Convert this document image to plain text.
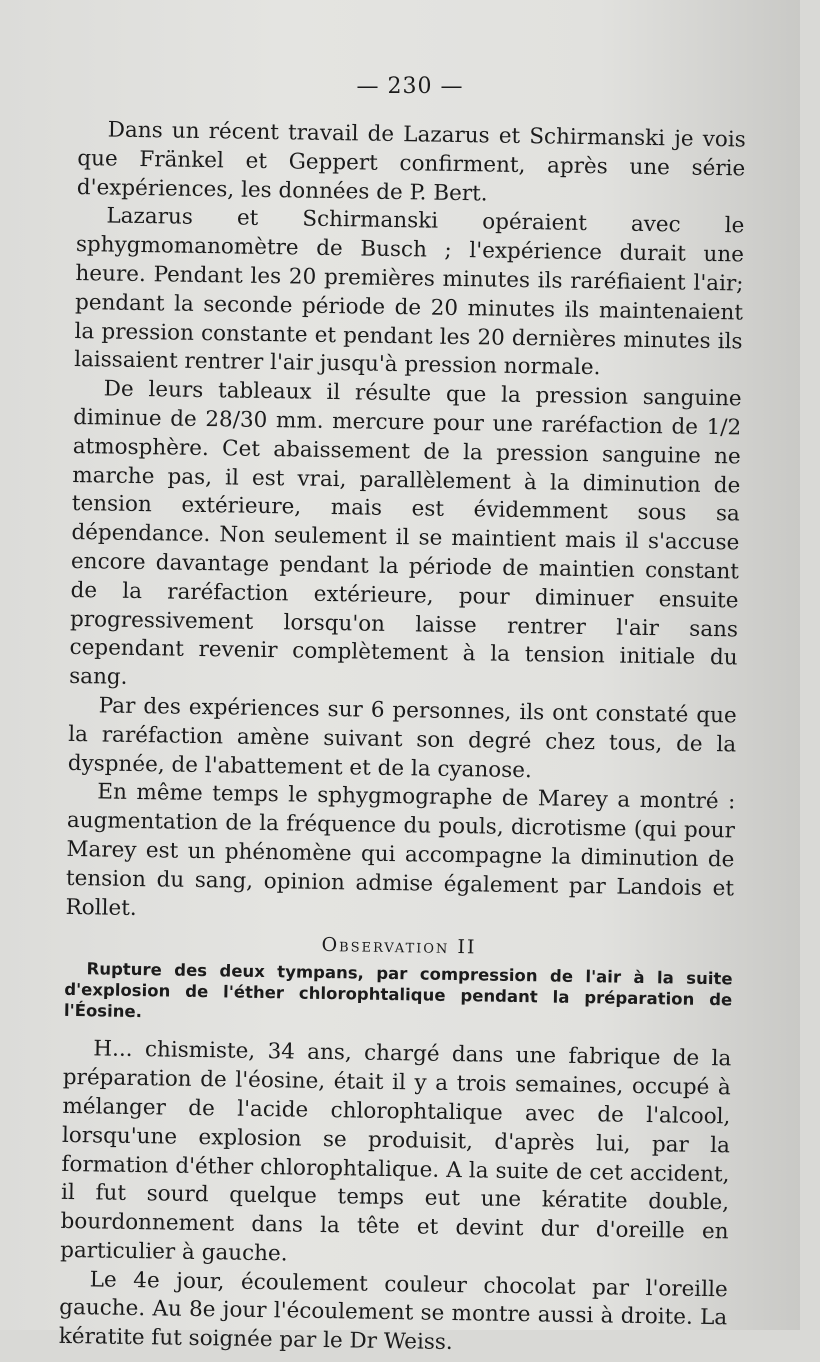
— 230 —

Dans un récent travail de Lazarus et Schirmanski je vois que Fränkel et Geppert confirment, après une série d'expériences, les données de P. Bert.

Lazarus et Schirmanski opéraient avec le sphygmomanomètre de Busch ; l'expérience durait une heure. Pendant les 20 premières minutes ils raréfiaient l'air; pendant la seconde période de 20 minutes ils maintenaient la pression constante et pendant les 20 dernières minutes ils laissaient rentrer l'air jusqu'à pression normale.

De leurs tableaux il résulte que la pression sanguine diminue de 28/30 mm. mercure pour une raréfaction de 1/2 atmosphère. Cet abaissement de la pression sanguine ne marche pas, il est vrai, parallèlement à la diminution de tension extérieure, mais est évidemment sous sa dépendance. Non seulement il se maintient mais il s'accuse encore davantage pendant la période de maintien constant de la raréfaction extérieure, pour diminuer ensuite progressivement lorsqu'on laisse rentrer l'air sans cependant revenir complètement à la tension initiale du sang.

Par des expériences sur 6 personnes, ils ont constaté que la raréfaction amène suivant son degré chez tous, de la dyspnée, de l'abattement et de la cyanose.

En même temps le sphygmographe de Marey a montré : augmentation de la fréquence du pouls, dicrotisme (qui pour Marey est un phénomène qui accompagne la diminution de tension du sang, opinion admise également par Landois et Rollet.

Observation II

Rupture des deux tympans, par compression de l'air à la suite d'explosion de l'éther chlorophtalique pendant la préparation de l'Éosine.

H... chismiste, 34 ans, chargé dans une fabrique de la préparation de l'éosine, était il y a trois semaines, occupé à mélanger de l'acide chlorophtalique avec de l'alcool, lorsqu'une explosion se produisit, d'après lui, par la formation d'éther chlorophtalique. A la suite de cet accident, il fut sourd quelque temps eut une kératite double, bourdonnement dans la tête et devint dur d'oreille en particulier à gauche.

Le 4e jour, écoulement couleur chocolat par l'oreille gauche. Au 8e jour l'écoulement se montre aussi à droite. La kératite fut soignée par le Dr Weiss.
